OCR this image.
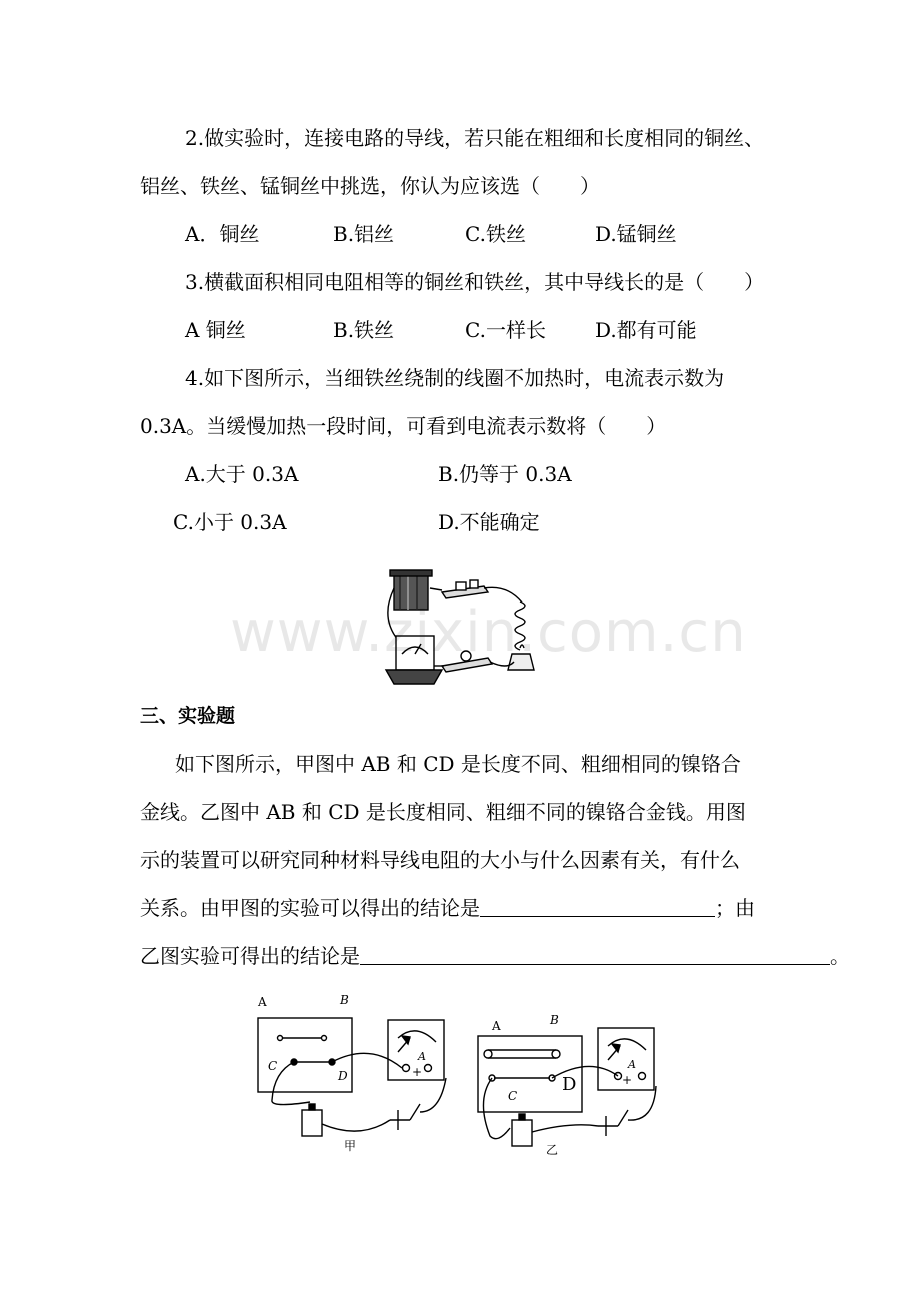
2.做实验时，连接电路的导线，若只能在粗细和长度相同的铜丝、
铝丝、铁丝、锰铜丝中挑选，你认为应该选（　　）
A．铜丝	B.铝丝	C.铁丝	D.锰铜丝
3.横截面积相同电阻相等的铜丝和铁丝，其中导线长的是（　　）
A 铜丝	B.铁丝	C.一样长 D.都有可能
4.如下图所示，当细铁丝绕制的线圈不加热时，电流表示数为
0.3A。当缓慢加热一段时间，可看到电流表示数将（　　）
A.大于 0.3A	B.仍等于 0.3A
C.小于 0.3A	D.不能确定
www.zixin.com.cn
三、实验题
如下图所示，甲图中 AB 和 CD 是长度不同、粗细相同的镍铬合
金线。乙图中 AB 和 CD 是长度相同、粗细不同的镍铬合金钱。用图
示的装置可以研究同种材料导线电阻的大小与什么因素有关，有什么
关系。由甲图的实验可以得出的结论是	；由
乙图实验可得出的结论是	。
A	B
C
D
A
+
甲
A	B
C
D
A
+
乙
